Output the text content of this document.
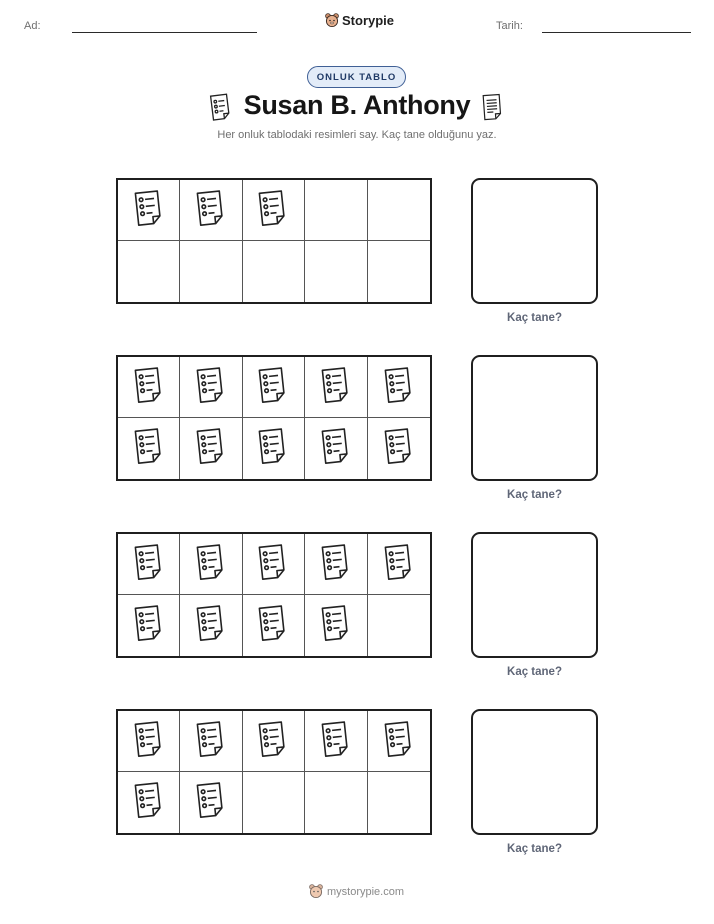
Ad:	Storypie	Tarih:
ONLUK TABLO
Susan B. Anthony
Her onluk tablodaki resimleri say. Kaç tane olduğunu yaz.
Kaç tane?
Kaç tane?
Kaç tane?
Kaç tane?
mystorypie.com
